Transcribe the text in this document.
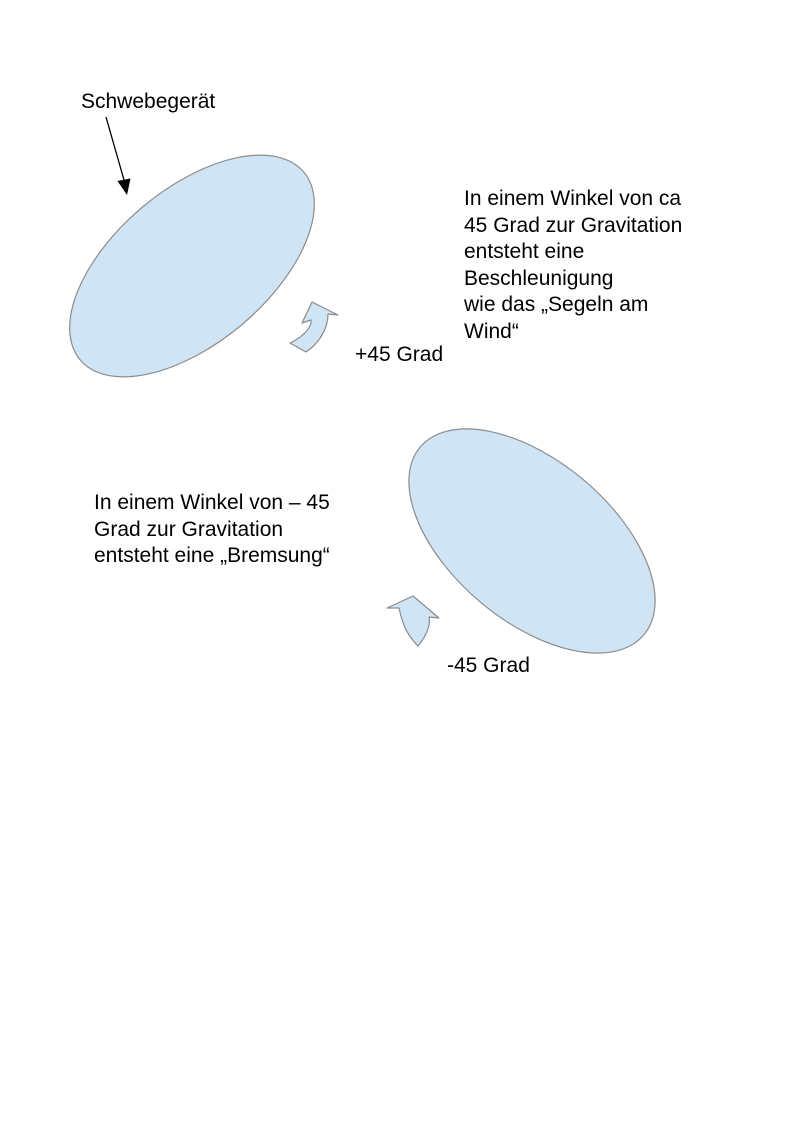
Schwebegerät
In einem Winkel von ca
45 Grad zur Gravitation
entsteht eine
Beschleunigung
wie das „Segeln am
Wind“
+45 Grad
In einem Winkel von – 45
Grad zur Gravitation
entsteht eine „Bremsung“
-45 Grad
